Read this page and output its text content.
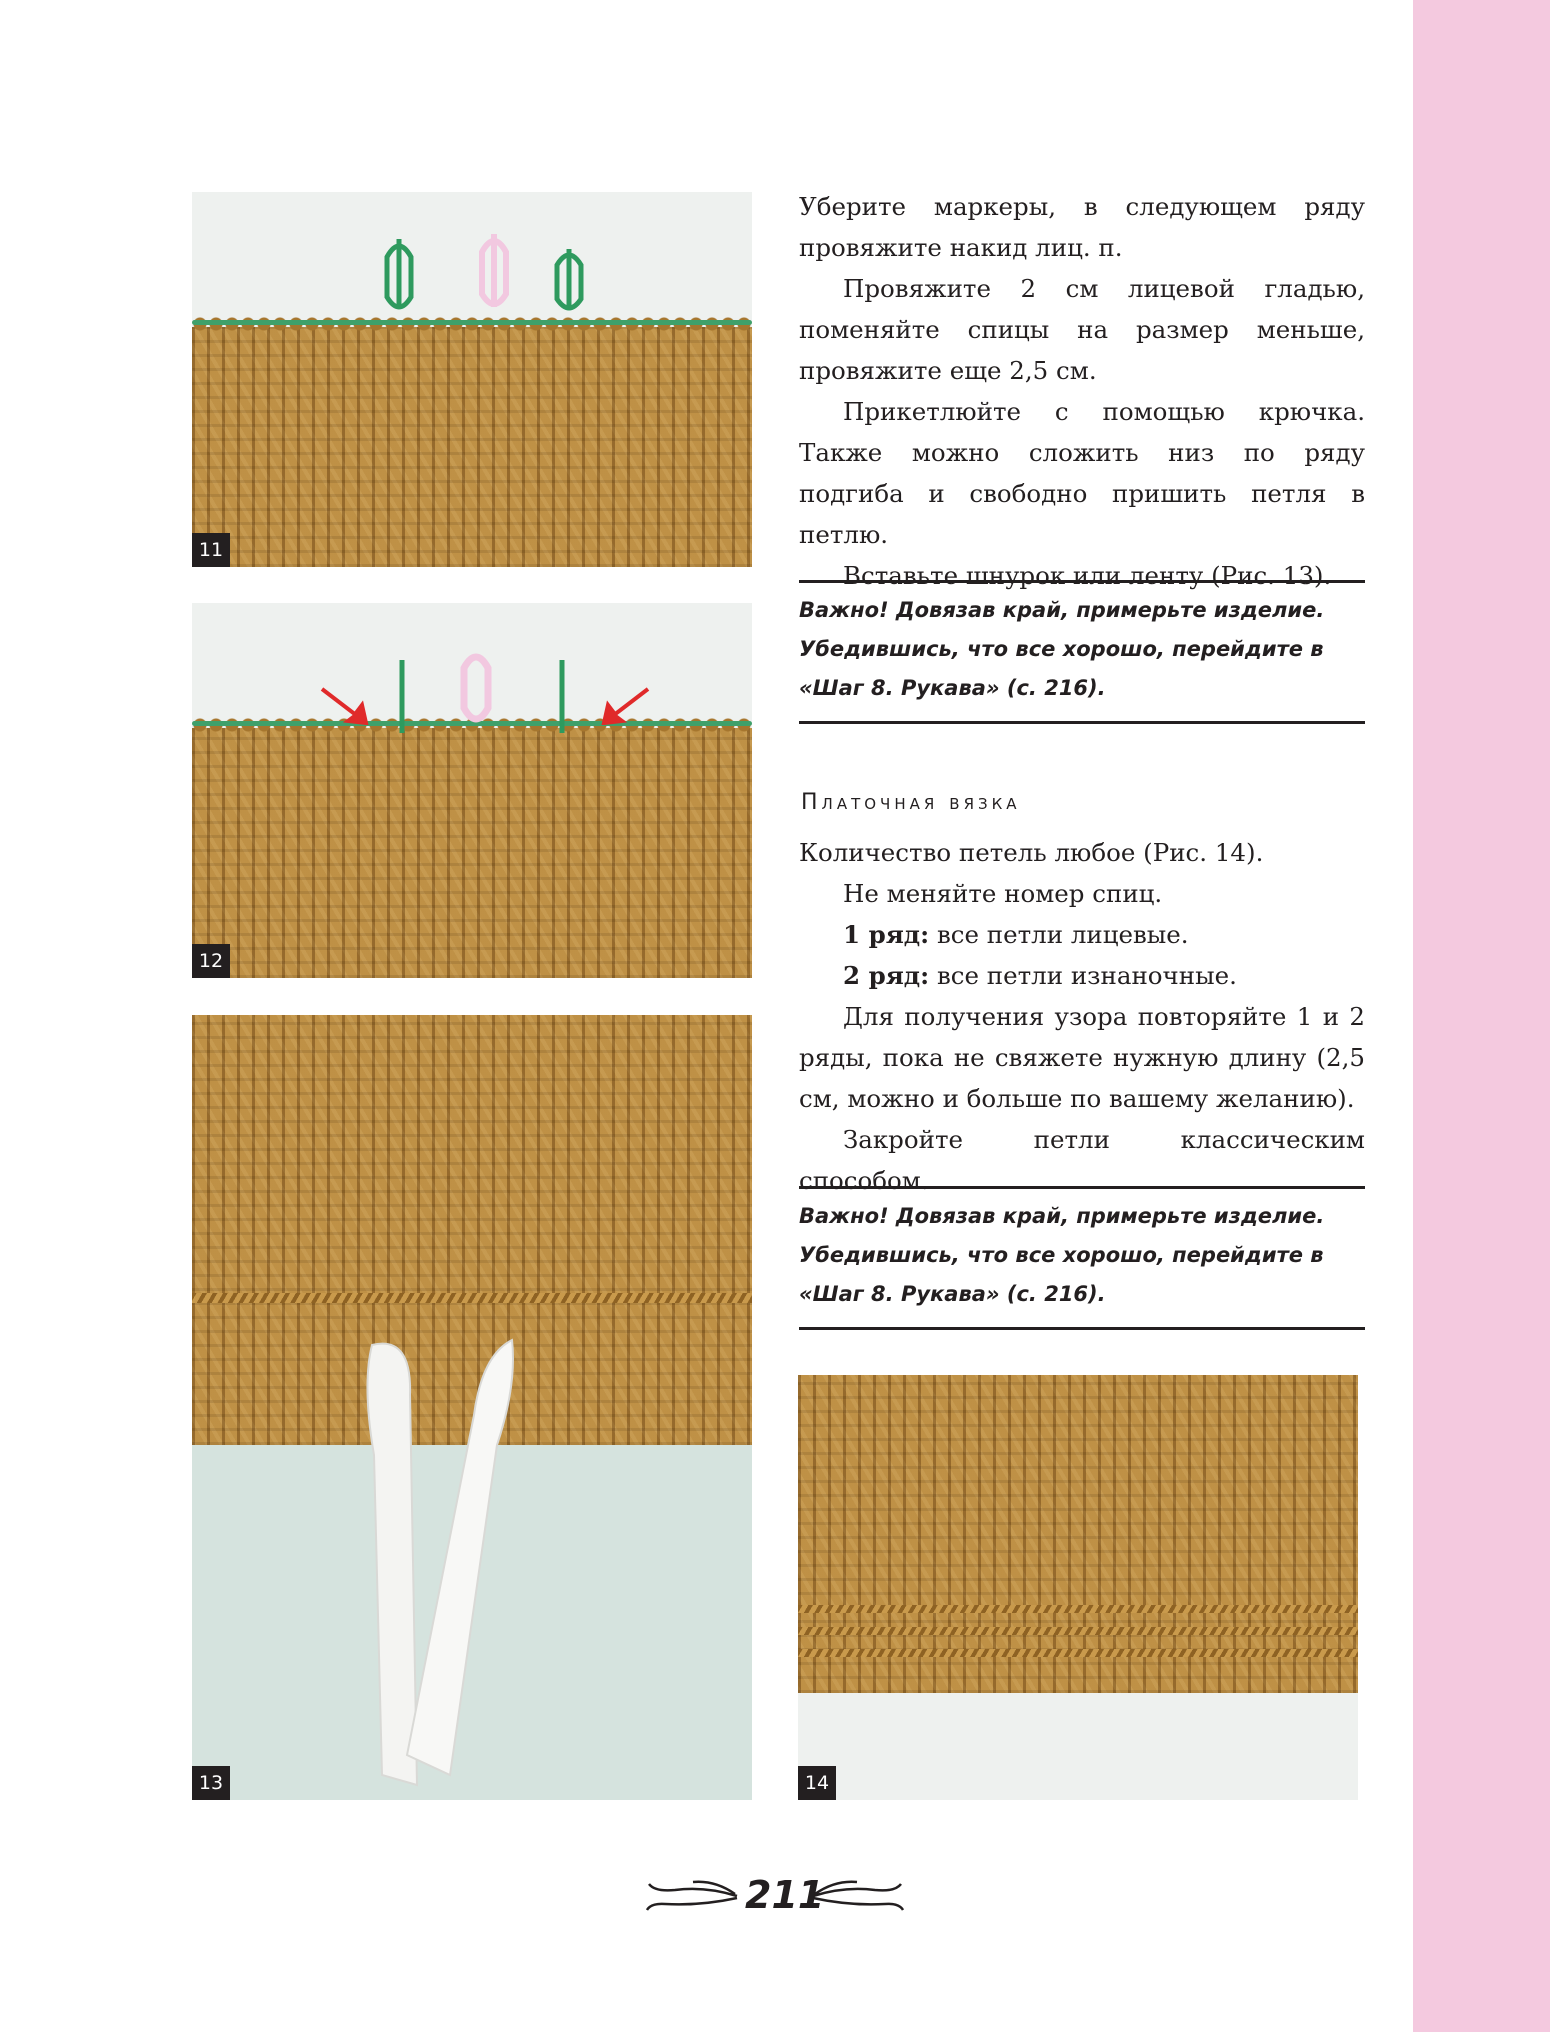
11
12
13	14

Уберите маркеры, в следующем ряду провяжите накид лиц. п.

Провяжите 2 см лицевой гладью, поменяйте спицы на размер меньше, провяжите еще 2,5 см.

Прикетлюйте с помощью крючка. Также можно сложить низ по ряду подгиба и свободно пришить петля в петлю.

Вставьте шнурок или ленту (Рис. 13).

Важно! Довязав край, примерьте изделие. Убедившись, что все хорошо, перейдите в «Шаг 8. Рукава» (с. 216).
Платочная вязка

Количество петель любое (Рис. 14).

Не меняйте номер спиц.

1 ряд: все петли лицевые.

2 ряд: все петли изнаночные.

Для получения узора повторяйте 1 и 2 ряды, пока не свяжете нужную длину (2,5 см, можно и больше по вашему желанию).

Закройте петли классическим способом.

Важно! Довязав край, примерьте изделие. Убедившись, что все хорошо, перейдите в «Шаг 8. Рукава» (с. 216).
211
